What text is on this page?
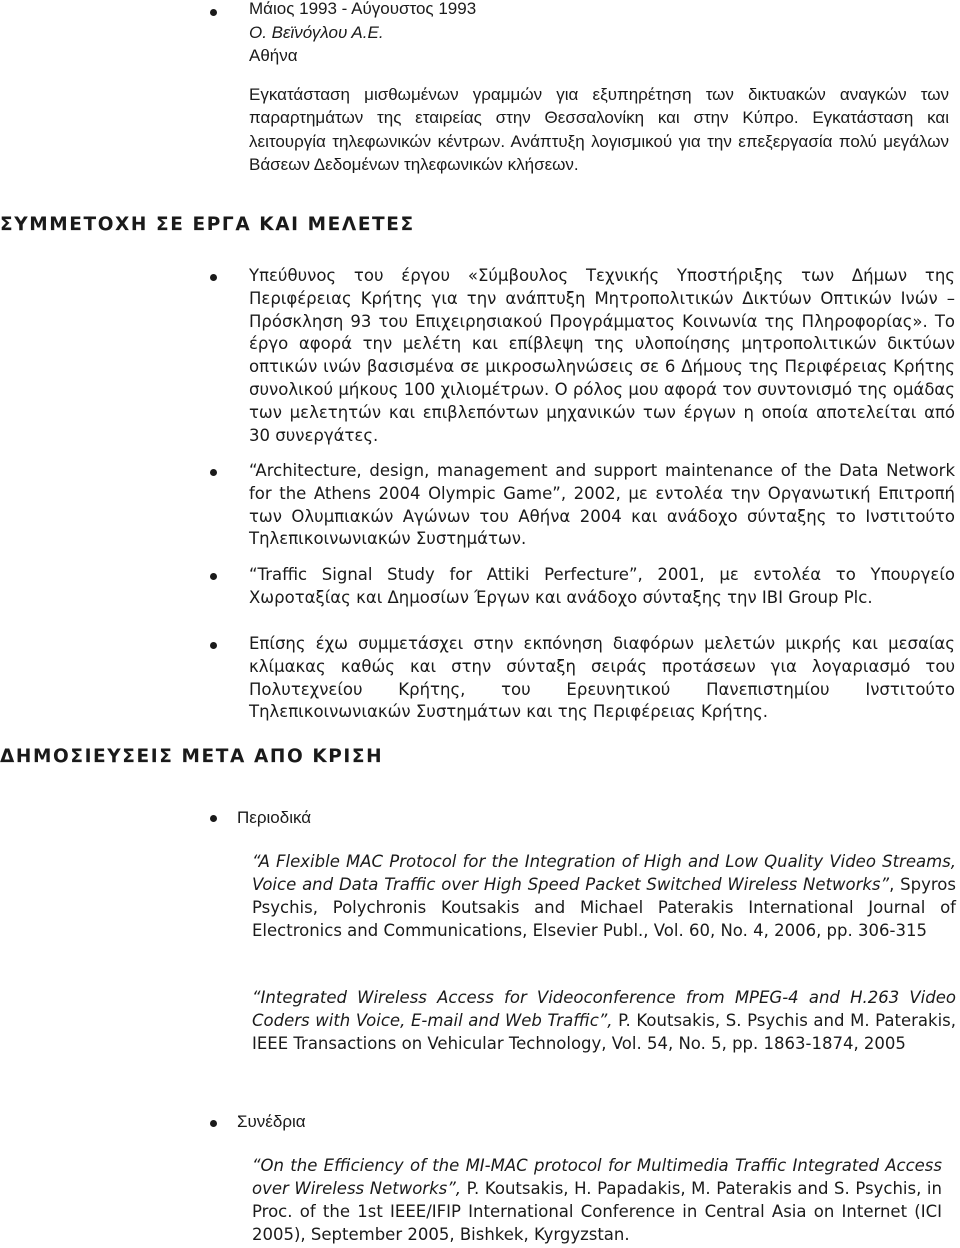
Μάιος 1993 - Αύγουστος 1993

Ο. Βεϊνόγλου Α.Ε.

Αθήνα

Εγκατάσταση μισθωμένων γραμμών για εξυπηρέτηση των δικτυακών αναγκών των παραρτημάτων της εταιρείας στην Θεσσαλονίκη και στην Κύπρο. Εγκατάσταση και λειτουργία τηλεφωνικών κέντρων. Ανάπτυξη λογισμικού για την επεξεργασία πολύ μεγάλων Βάσεων Δεδομένων τηλεφωνικών κλήσεων.

ΣΥΜΜΕΤΟΧΗ ΣΕ ΕΡΓΑ ΚΑΙ ΜΕΛΕΤΕΣ
Υπεύθυνος του έργου «Σύμβουλος Τεχνικής Υποστήριξης των Δήμων της Περιφέρειας Κρήτης για την ανάπτυξη Μητροπολιτικών Δικτύων Οπτικών Ινών – Πρόσκληση 93 του Επιχειρησιακού Προγράμματος Κοινωνία της Πληροφορίας». Το έργο αφορά την μελέτη και επίβλεψη της υλοποίησης μητροπολιτικών δικτύων οπτικών ινών βασισμένα σε μικροσωληνώσεις σε 6 Δήμους της Περιφέρειας Κρήτης συνολικού μήκους 100 χιλιομέτρων. Ο ρόλος μου αφορά τον συντονισμό της ομάδας των μελετητών και επιβλεπόντων μηχανικών των έργων η οποία αποτελείται από 30 συνεργάτες.
“Architecture, design, management and support maintenance of the Data Network for the Athens 2004 Olympic Game”, 2002, με εντολέα την Οργανωτική Επιτροπή των Ολυμπιακών Αγώνων του Αθήνα 2004 και ανάδοχο σύνταξης το Ινστιτούτο Τηλεπικοινωνιακών Συστημάτων.
“Traffic Signal Study for Attiki Perfecture”, 2001, με εντολέα το Υπουργείο Χωροταξίας και Δημοσίων Έργων και ανάδοχο σύνταξης την IBI Group Plc.
Επίσης έχω συμμετάσχει στην εκπόνηση διαφόρων μελετών μικρής και μεσαίας κλίμακας καθώς και στην σύνταξη σειράς προτάσεων για λογαριασμό του Πολυτεχνείου Κρήτης, του Ερευνητικού Πανεπιστημίου Ινστιτούτο Τηλεπικοινωνιακών Συστημάτων και της Περιφέρειας Κρήτης.
ΔΗΜΟΣΙΕΥΣΕΙΣ ΜΕΤΑ ΑΠΟ ΚΡΙΣΗ
Περιοδικά
“A Flexible MAC Protocol for the Integration of High and Low Quality Video Streams, Voice and Data Traffic over High Speed Packet Switched Wireless Networks”, Spyros Psychis, Polychronis Koutsakis and Michael Paterakis International Journal of Electronics and Communications, Elsevier Publ., Vol. 60, No. 4, 2006, pp. 306-315
“Integrated Wireless Access for Videoconference from MPEG-4 and H.263 Video Coders with Voice, E-mail and Web Traffic”, P. Koutsakis, S. Psychis and M. Paterakis, IEEE Transactions on Vehicular Technology, Vol. 54, No. 5, pp. 1863-1874, 2005
Συνέδρια
“On the Efficiency of the MI-MAC protocol for Multimedia Traffic Integrated Access over Wireless Networks”, P. Koutsakis, H. Papadakis, M. Paterakis and S. Psychis, in Proc. of the 1st IEEE/IFIP International Conference in Central Asia on Internet (ICI 2005), September 2005, Bishkek, Kyrgyzstan.
